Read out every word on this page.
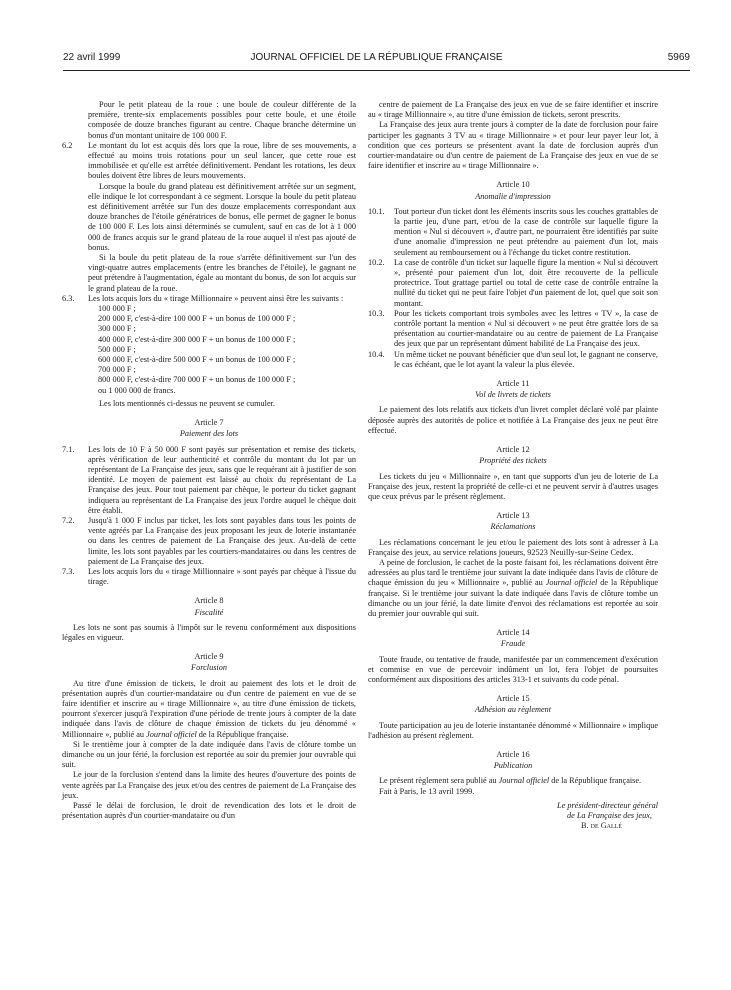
22 avril 1999	JOURNAL OFFICIEL DE LA RÉPUBLIQUE FRANÇAISE	5969

Pour le petit plateau de la roue : une boule de couleur différente de la première, trente-six emplacements possibles pour cette boule, et une étoile composée de douze branches figurant au centre. Chaque branche détermine un bonus d'un montant unitaire de 100 000 F.

6.2 Le montant du lot est acquis dès lors que la roue, libre de ses mouvements, a effectué au moins trois rotations pour un seul lancer, que cette roue est immobilisée et qu'elle est arrêtée définitivement. Pendant les rotations, les deux boules doivent être libres de leurs mouvements.

Lorsque la boule du grand plateau est définitivement arrêtée sur un segment, elle indique le lot correspondant à ce segment. Lorsque la boule du petit plateau est définitivement arrêtée sur l'un des douze emplacements correspondant aux douze branches de l'étoile génératrices de bonus, elle permet de gagner le bonus de 100 000 F. Les lots ainsi déterminés se cumulent, sauf en cas de lot à 1 000 000 de francs acquis sur le grand plateau de la roue auquel il n'est pas ajouté de bonus.

Si la boule du petit plateau de la roue s'arrête définitivement sur l'un des vingt-quatre autres emplacements (entre les branches de l'étoile), le gagnant ne peut prétendre à l'augmentation, égale au montant du bonus, de son lot acquis sur le grand plateau de la roue.

6.3. Les lots acquis lors du « tirage Millionnaire » peuvent ainsi être les suivants :
100 000 F ;
200 000 F, c'est-à-dire 100 000 F + un bonus de 100 000 F ;
300 000 F ;
400 000 F, c'est-à-dire 300 000 F + un bonus de 100 000 F ;
500 000 F ;
600 000 F, c'est-à-dire 500 000 F + un bonus de 100 000 F ;
700 000 F ;
800 000 F, c'est-à-dire 700 000 F + un bonus de 100 000 F ;
ou 1 000 000 de francs.

Les lots mentionnés ci-dessus ne peuvent se cumuler.

Article 7
Paiement des lots
7.1. Les lots de 10 F à 50 000 F sont payés sur présentation et remise des tickets, après vérification de leur authenticité et contrôle du montant du lot par un représentant de La Française des jeux, sans que le requérant ait à justifier de son identité. Le moyen de paiement est laissé au choix du représentant de La Française des jeux. Pour tout paiement par chèque, le porteur du ticket gagnant indiquera au représentant de La Française des jeux l'ordre auquel le chèque doit être établi.
7.2. Jusqu'à 1 000 F inclus par ticket, les lots sont payables dans tous les points de vente agréés par La Française des jeux proposant les jeux de loterie instantanée ou dans les centres de paiement de La Française des jeux. Au-delà de cette limite, les lots sont payables par les courtiers-mandataires ou dans les centres de paiement de La Française des jeux.
7.3. Les lots acquis lors du « tirage Millionnaire » sont payés par chèque à l'issue du tirage.
Article 8
Fiscalité

Les lots ne sont pas soumis à l'impôt sur le revenu conformément aux dispositions légales en vigueur.

Article 9
Forclusion

Au titre d'une émission de tickets, le droit au paiement des lots et le droit de présentation auprès d'un courtier-mandataire ou d'un centre de paiement en vue de se faire identifier et inscrire au « tirage Millionnaire », au titre d'une émission de tickets, pourront s'exercer jusqu'à l'expiration d'une période de trente jours à compter de la date indiquée dans l'avis de clôture de chaque émission de tickets du jeu dénommé « Millionnaire », publié au Journal officiel de la République française.

Si le trentième jour à compter de la date indiquée dans l'avis de clôture tombe un dimanche ou un jour férié, la forclusion est reportée au soir du premier jour ouvrable qui suit.

Le jour de la forclusion s'entend dans la limite des heures d'ouverture des points de vente agréés par La Française des jeux et/ou des centres de paiement de La Française des jeux.

Passé le délai de forclusion, le droit de revendication des lots et le droit de présentation auprès d'un courtier-mandataire ou d'un

centre de paiement de La Française des jeux en vue de se faire identifier et inscrire au « tirage Millionnaire », au titre d'une émission de tickets, seront prescrits.

La Française des jeux aura trente jours à compter de la date de forclusion pour faire participer les gagnants 3 TV au « tirage Millionnaire » et pour leur payer leur lot, à condition que ces porteurs se présentent avant la date de forclusion auprès d'un courtier-mandataire ou d'un centre de paiement de La Française des jeux en vue de se faire identifier et inscrire au « tirage Millionnaire ».

Article 10
Anomalie d'impression
10.1. Tout porteur d'un ticket dont les éléments inscrits sous les couches grattables de la partie jeu, d'une part, et/ou de la case de contrôle sur laquelle figure la mention « Nul si découvert », d'autre part, ne pourraient être identifiés par suite d'une anomalie d'impression ne peut prétendre au paiement d'un lot, mais seulement au remboursement ou à l'échange du ticket contre restitution.
10.2. La case de contrôle d'un ticket sur laquelle figure la mention « Nul si découvert », présenté pour paiement d'un lot, doit être recouverte de la pellicule protectrice. Tout grattage partiel ou total de cette case de contrôle entraîne la nullité du ticket qui ne peut faire l'objet d'un paiement de lot, quel que soit son montant.
10.3. Pour les tickets comportant trois symboles avec les lettres « TV », la case de contrôle portant la mention « Nul si découvert » ne peut être grattée lors de sa présentation au courtier-mandataire ou au centre de paiement de La Française des jeux que par un représentant dûment habilité de La Française des jeux.
10.4. Un même ticket ne pouvant bénéficier que d'un seul lot, le gagnant ne conserve, le cas échéant, que le lot ayant la valeur la plus élevée.
Article 11
Vol de livrets de tickets

Le paiement des lots relatifs aux tickets d'un livret complet déclaré volé par plainte déposée auprès des autorités de police et notifiée à La Française des jeux ne peut être effectué.

Article 12
Propriété des tickets

Les tickets du jeu « Millionnaire », en tant que supports d'un jeu de loterie de La Française des jeux, restent la propriété de celle-ci et ne peuvent servir à d'autres usages que ceux prévus par le présent règlement.

Article 13
Réclamations

Les réclamations concernant le jeu et/ou le paiement des lots sont à adresser à La Française des jeux, au service relations joueurs, 92523 Neuilly-sur-Seine Cedex.

A peine de forclusion, le cachet de la poste faisant foi, les réclamations doivent être adressées au plus tard le trentième jour suivant la date indiquée dans l'avis de clôture de chaque émission du jeu « Millionnaire », publié au Journal officiel de la République française. Si le trentième jour suivant la date indiquée dans l'avis de clôture tombe un dimanche ou un jour férié, la date limite d'envoi des réclamations est reportée au soir du premier jour ouvrable qui suit.

Article 14
Fraude

Toute fraude, ou tentative de fraude, manifestée par un commencement d'exécution et commise en vue de percevoir indûment un lot, fera l'objet de poursuites conformément aux dispositions des articles 313-1 et suivants du code pénal.

Article 15
Adhésion au règlement

Toute participation au jeu de loterie instantanée dénommé « Millionnaire » implique l'adhésion au présent règlement.

Article 16
Publication

Le présent règlement sera publié au Journal officiel de la République française.

Fait à Paris, le 13 avril 1999.

Le président-directeur général
de La Française des jeux,
B. de Gallé
